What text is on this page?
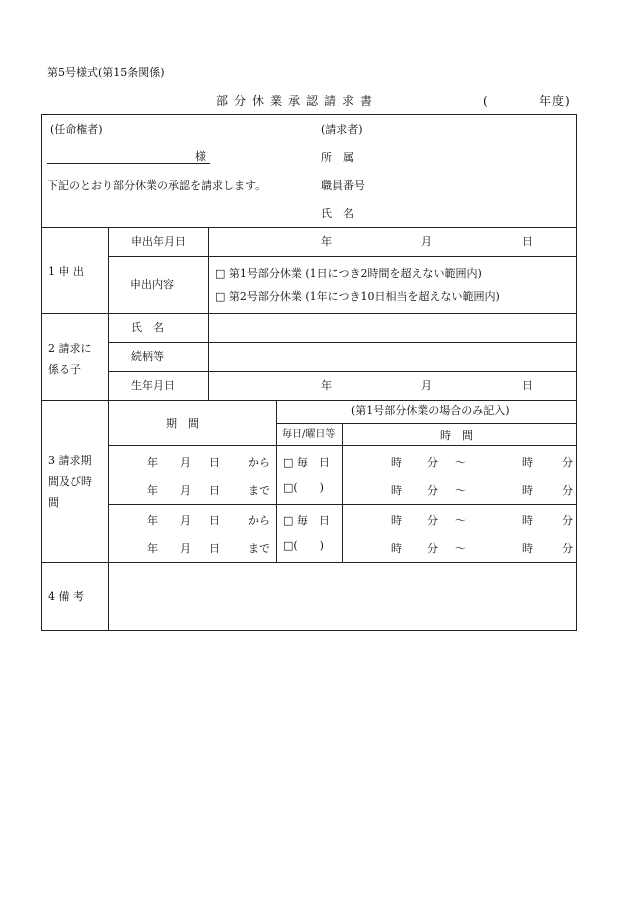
第5号様式(第15条関係)
部分休業承認請求書	(	年度)
(任命権者)
様
下記のとおり部分休業の承認を請求します。
(請求者)
所　属
職員番号
氏　名
1 申 出
申出年月日	年	月	日
申出内容
□ 第1号部分休業 (1日につき2時間を超えない範囲内)
□ 第2号部分休業 (1年につき10日相当を超えない範囲内)
2 請求に
係る子
氏　名
続柄等
生年月日	年	月	日
3 請求期
間及び時
間
期　間
(第1号部分休業の場合のみ記入)
毎日/曜日等	時　間
年 月 日	から □ 毎　日	時 分 〜	時	分
年 月 日	まで □(　　)	時 分 〜	時	分
年 月 日	から □ 毎　日	時 分 〜	時	分
年 月 日	まで □(　　)	時 分 〜	時	分
4 備 考
